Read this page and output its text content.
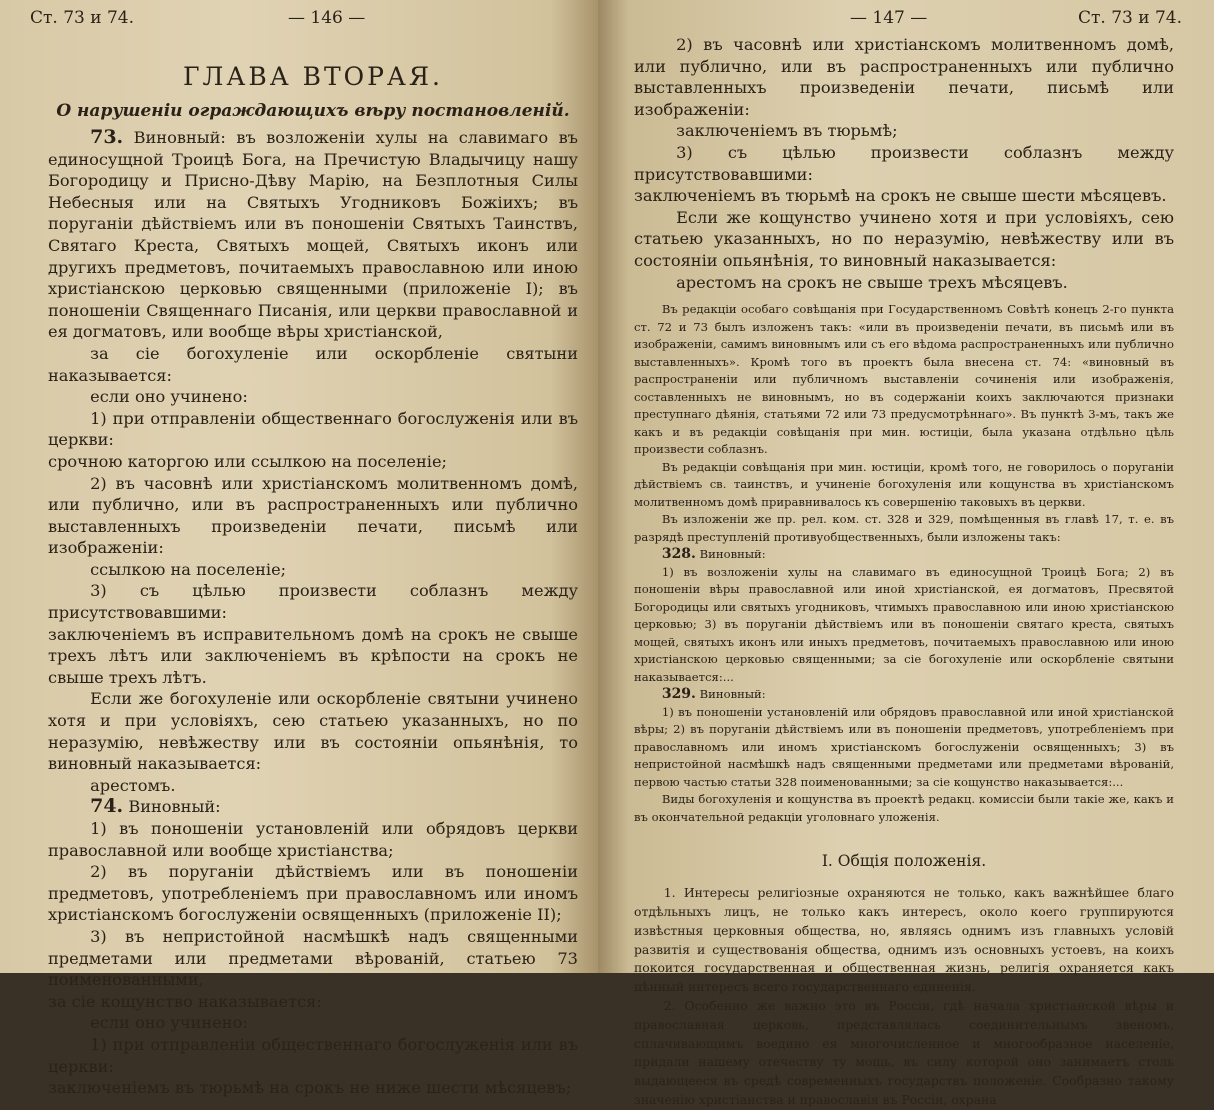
Ст. 73 и 74.	— 146 —
ГЛАВА ВТОРАЯ.
О нарушеніи ограждающихъ вѣру постановленій.

73. Виновный: въ возложеніи хулы на славимаго въ единосущной Троицѣ Бога, на Пречистую Владычицу нашу Богородицу и Присно-Дѣву Марію, на Безплотныя Силы Небесныя или на Святыхъ Угодниковъ Божіихъ; въ поруганіи дѣйствіемъ или въ поношеніи Святыхъ Таинствъ, Святаго Креста, Святыхъ мощей, Святыхъ иконъ или другихъ предметовъ, почитаемыхъ православною или иною христіанскою церковью священными (приложеніе I); въ поношеніи Священнаго Писанія, или церкви православной и ея догматовъ, или вообще вѣры христіанской,

за сіе богохуленіе или оскорбленіе святыни наказывается:

если оно учинено:

1) при отправленіи общественнаго богослуженія или въ церкви:

срочною каторгою или ссылкою на поселеніе;

2) въ часовнѣ или христіанскомъ молитвенномъ домѣ, или публично, или въ распространенныхъ или публично выставленныхъ произведеніи печати, письмѣ или изображеніи:

ссылкою на поселеніе;

3) съ цѣлью произвести соблазнъ между присутствовавшими:

заключеніемъ въ исправительномъ домѣ на срокъ не свыше трехъ лѣтъ или заключеніемъ въ крѣпости на срокъ не свыше трехъ лѣтъ.

Если же богохуленіе или оскорбленіе святыни учинено хотя и при условіяхъ, сею статьею указанныхъ, но по неразумію, невѣжеству или въ состояніи опьянѣнія, то виновный наказывается:

арестомъ.

74. Виновный:

1) въ поношеніи установленій или обрядовъ церкви православной или вообще христіанства;

2) въ поруганіи дѣйствіемъ или въ поношеніи предметовъ, употребленіемъ при православномъ или иномъ христіанскомъ богослуженіи освященныхъ (приложеніе II);

3) въ непристойной насмѣшкѣ надъ священными предметами или предметами вѣрованій, статьею 73 поименованными,

за сіе кощунство наказывается:

если оно учинено:

1) при отправленіи общественнаго богослуженія или въ церкви:

заключеніемъ въ тюрьмѣ на срокъ не ниже шести мѣсяцевъ;

— 147 —	Ст. 73 и 74.

2) въ часовнѣ или христіанскомъ молитвенномъ домѣ, или публично, или въ распространенныхъ или публично выставленныхъ произведеніи печати, письмѣ или изображеніи:

заключеніемъ въ тюрьмѣ;

3) съ цѣлью произвести соблазнъ между присутствовавшими:

заключеніемъ въ тюрьмѣ на срокъ не свыше шести мѣсяцевъ.

Если же кощунство учинено хотя и при условіяхъ, сею статьею указанныхъ, но по неразумію, невѣжеству или въ состояніи опьянѣнія, то виновный наказывается:

арестомъ на срокъ не свыше трехъ мѣсяцевъ.

Въ редакціи особаго совѣщанія при Государственномъ Совѣтѣ конецъ 2-го пункта ст. 72 и 73 былъ изложенъ такъ: «или въ произведеніи печати, въ письмѣ или въ изображеніи, самимъ виновнымъ или съ его вѣдома распространенныхъ или публично выставленныхъ». Кромѣ того въ проектъ была внесена ст. 74: «виновный въ распространеніи или публичномъ выставленіи сочиненія или изображенія, составленныхъ не виновнымъ, но въ содержаніи коихъ заключаются признаки преступнаго дѣянія, статьями 72 или 73 предусмотрѣннаго». Въ пунктѣ 3-мъ, такъ же какъ и въ редакціи совѣщанія при мин. юстиціи, была указана отдѣльно цѣль произвести соблазнъ.

Въ редакціи совѣщанія при мин. юстиціи, кромѣ того, не говорилось о поруганіи дѣйствіемъ св. таинствъ, и учиненіе богохуленія или кощунства въ христіанскомъ молитвенномъ домѣ приравнивалось къ совершенію таковыхъ въ церкви.

Въ изложеніи же пр. рел. ком. ст. 328 и 329, помѣщенныя въ главѣ 17, т. е. въ разрядѣ преступленій противуобщественныхъ, были изложены такъ:

328. Виновный:

1) въ возложеніи хулы на славимаго въ единосущной Троицѣ Бога; 2) въ поношеніи вѣры православной или иной христіанской, ея догматовъ, Пресвятой Богородицы или святыхъ угодниковъ, чтимыхъ православною или иною христіанскою церковью; 3) въ поруганіи дѣйствіемъ или въ поношеніи святаго креста, святыхъ мощей, святыхъ иконъ или иныхъ предметовъ, почитаемыхъ православною или иною христіанскою церковью священными; за сіе богохуленіе или оскорбленіе святыни наказывается:...

329. Виновный:

1) въ поношеніи установленій или обрядовъ православной или иной христіанской вѣры; 2) въ поруганіи дѣйствіемъ или въ поношеніи предметовъ, употребленіемъ при православномъ или иномъ христіанскомъ богослуженіи освященныхъ; 3) въ непристойной насмѣшкѣ надъ священными предметами или предметами вѣрованій, первою частью статьи 328 поименованными; за сіе кощунство наказывается:...

Виды богохуленія и кощунства въ проектѣ редакц. комиссіи были такіе же, какъ и въ окончательной редакціи уголовнаго уложенія.

I. Общія положенія.

1. Интересы религіозные охраняются не только, какъ важнѣйшее благо отдѣльныхъ лицъ, не только какъ интересъ, около коего группируются извѣстныя церковныя общества, но, являясь однимъ изъ главныхъ условій развитія и существованія общества, однимъ изъ основныхъ устоевъ, на коихъ покоится государственная и общественная жизнь, религія охраняется какъ цѣнный интересъ всего государственнаго единенія.

2. Особенно же важно это въ Россіи, гдѣ начала христіанской вѣры и православная церковь, представлялась соединительнымъ звеномъ, сплачивающимъ воедино ея многочисленное и многообразное населеніе, придали нашему отечеству ту мощь, въ силу которой оно занимаетъ столь выдающееся въ средѣ современныхъ государствъ положеніе. Сообразно такому значенію христіанства и православія въ Россіи, охрана
